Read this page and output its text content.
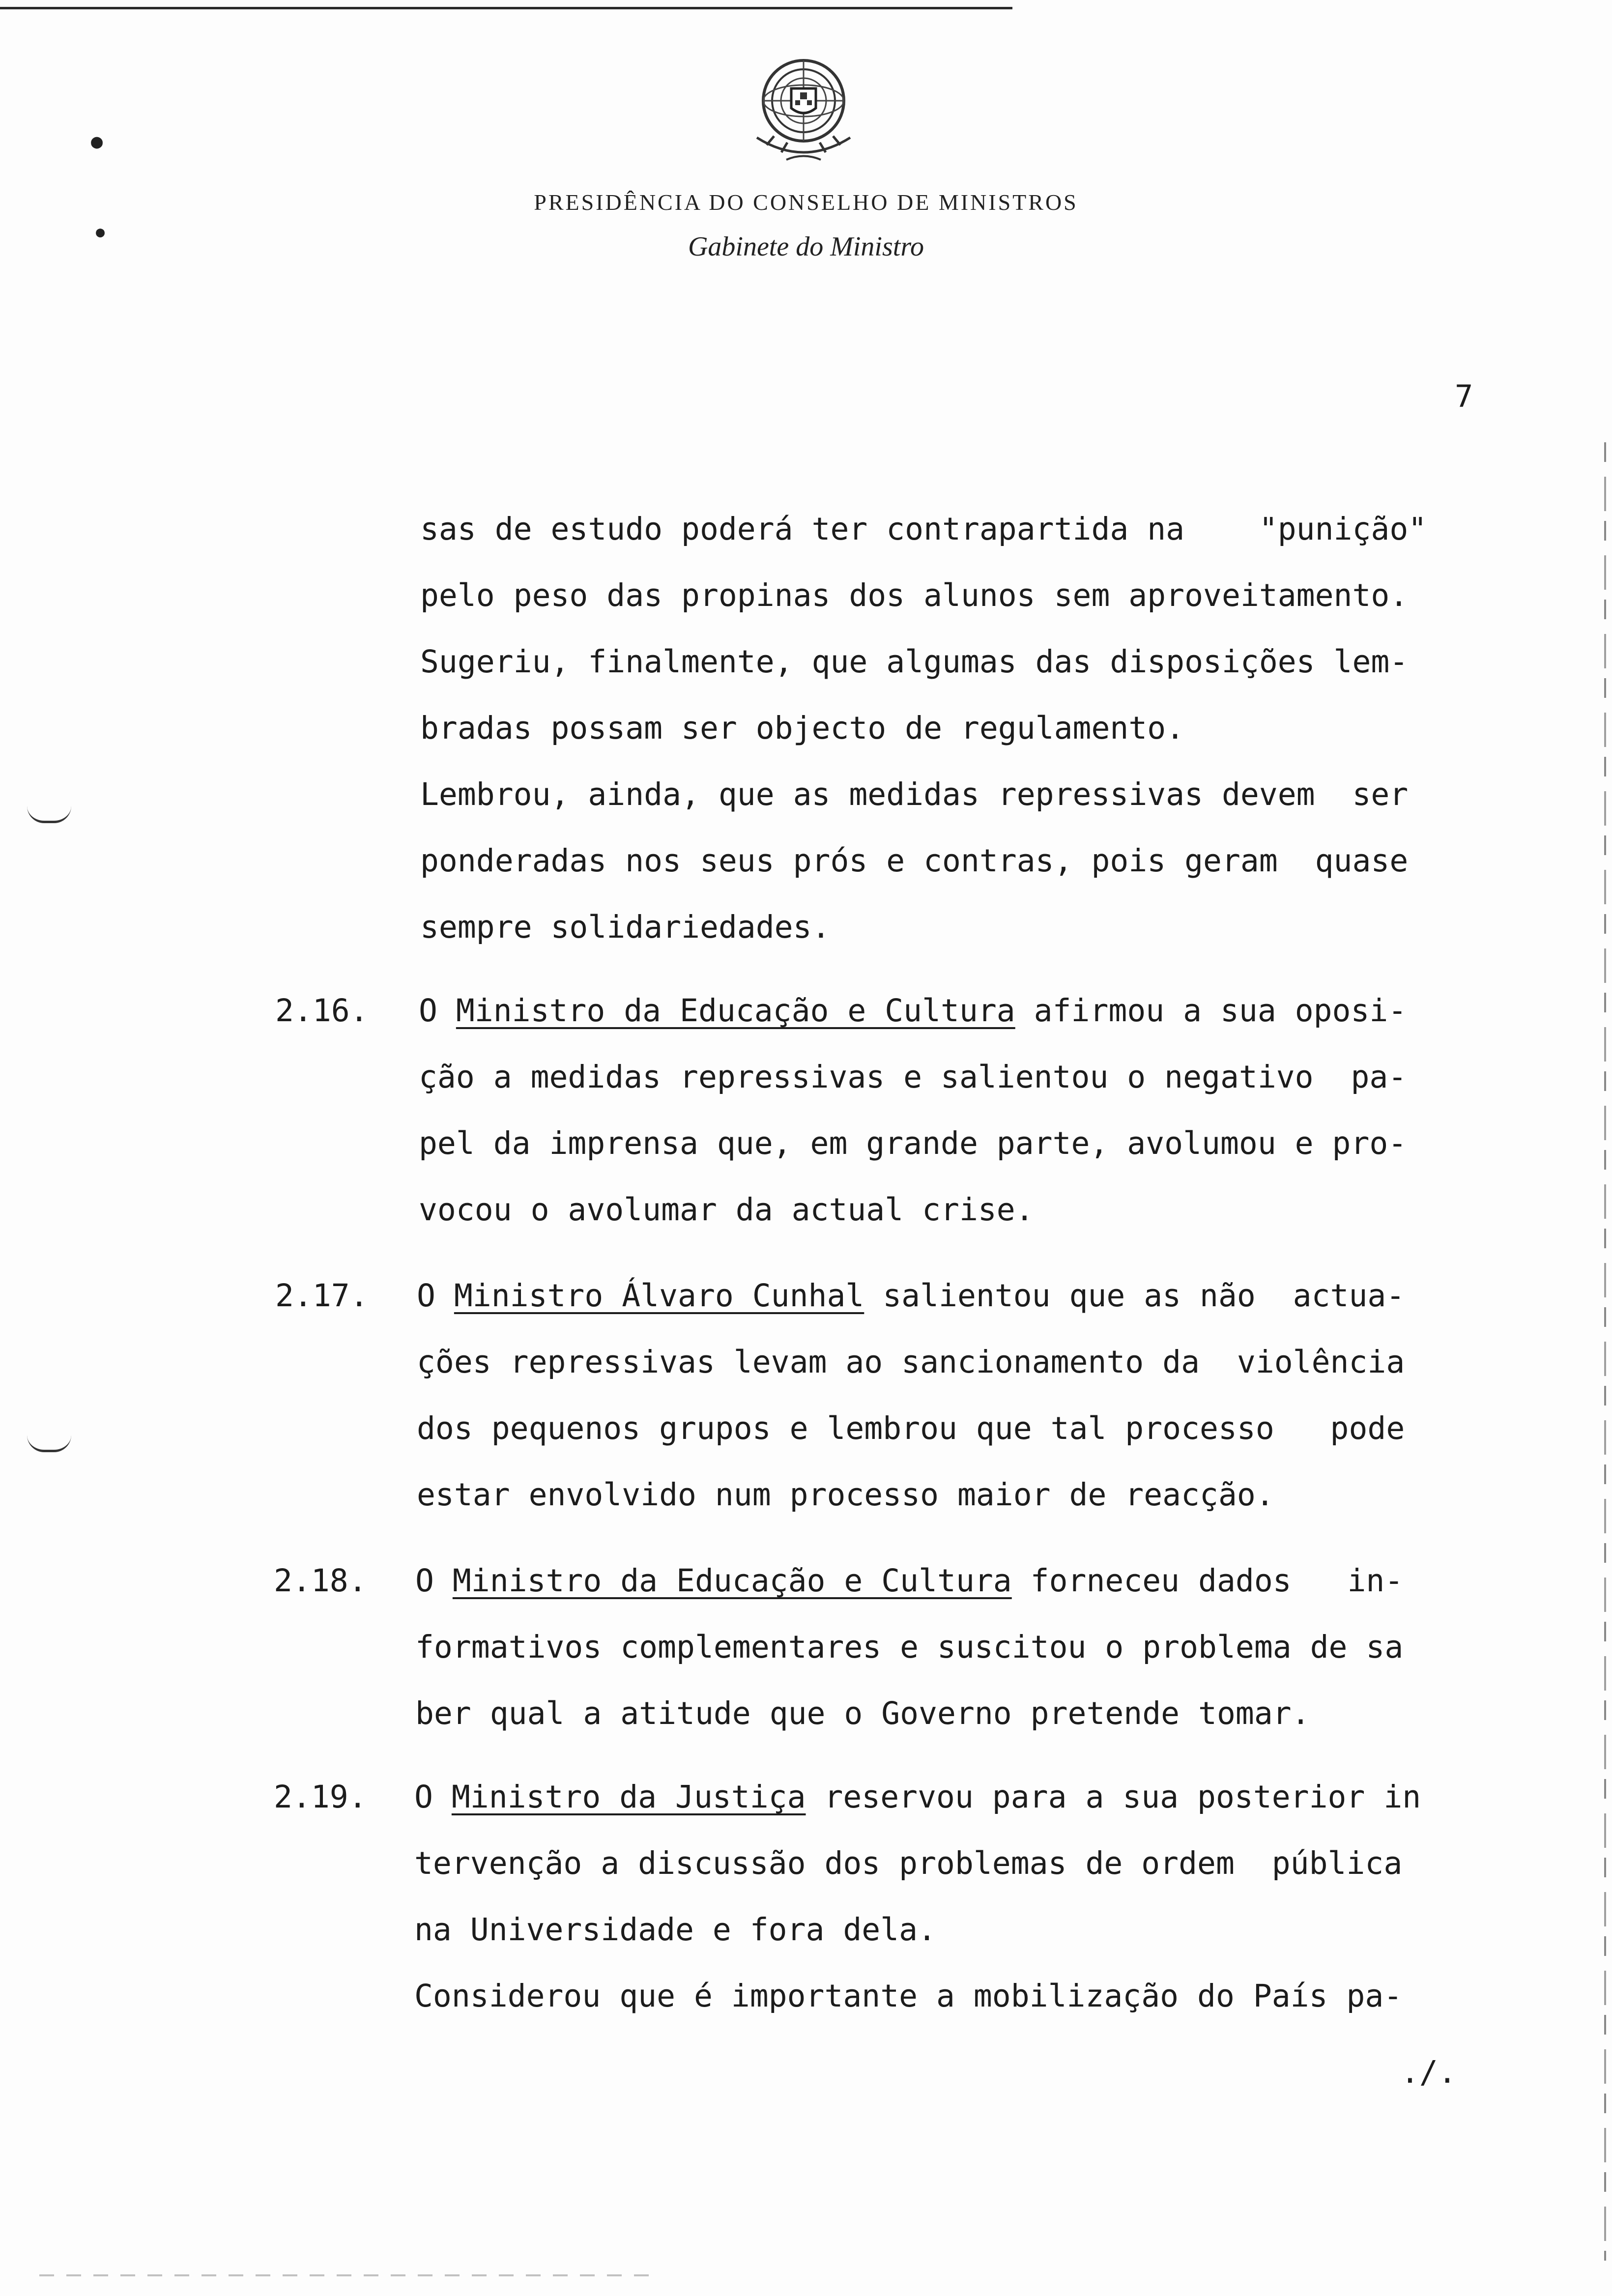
●
●
PRESIDÊNCIA DO CONSELHO DE MINISTROS
Gabinete do Ministro
7
sas de estudo poderá ter contrapartida na    "punição"
pelo peso das propinas dos alunos sem aproveitamento.
Sugeriu, finalmente, que algumas das disposições lem-
bradas possam ser objecto de regulamento.
Lembrou, ainda, que as medidas repressivas devem  ser
ponderadas nos seus prós e contras, pois geram  quase
sempre solidariedades.
2.16. O Ministro da Educação e Cultura afirmou a sua oposi-
ção a medidas repressivas e salientou o negativo  pa-
pel da imprensa que, em grande parte, avolumou e pro-
vocou o avolumar da actual crise.
2.17. O Ministro Álvaro Cunhal salientou que as não  actua-
ções repressivas levam ao sancionamento da  violência
dos pequenos grupos e lembrou que tal processo   pode
estar envolvido num processo maior de reacção.
2.18. O Ministro da Educação e Cultura forneceu dados   in-
formativos complementares e suscitou o problema de sa
ber qual a atitude que o Governo pretende tomar.
2.19. O Ministro da Justiça reservou para a sua posterior in
tervenção a discussão dos problemas de ordem  pública
na Universidade e fora dela.
Considerou que é importante a mobilização do País pa-
./.
